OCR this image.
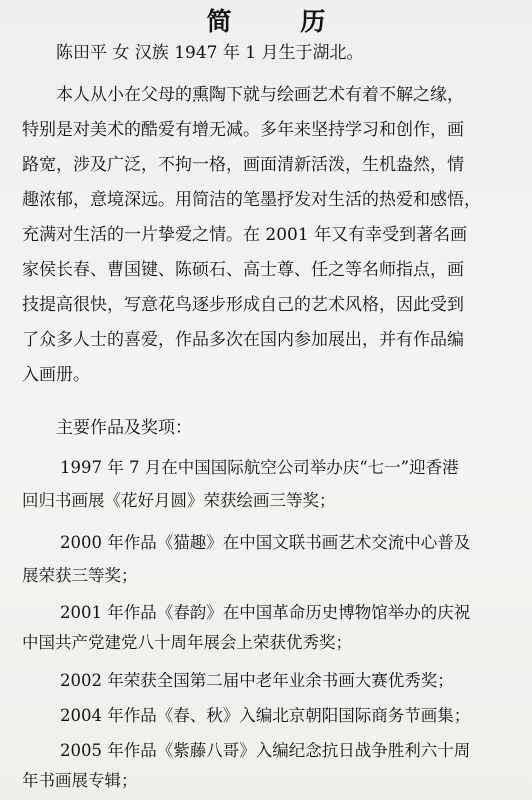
简 历
陈田平 女 汉族 1947 年 1 月生于湖北。
本人从小在父母的熏陶下就与绘画艺术有着不解之缘，
特别是对美术的酷爱有增无减。多年来坚持学习和创作，画
路宽，涉及广泛，不拘一格，画面清新活泼，生机盎然，情
趣浓郁，意境深远。用简洁的笔墨抒发对生活的热爱和感悟，
充满对生活的一片挚爱之情。在 2001 年又有幸受到著名画
家侯长春、曹国键、陈硕石、高士尊、任之等名师指点，画
技提高很快，写意花鸟逐步形成自己的艺术风格，因此受到
了众多人士的喜爱，作品多次在国内参加展出，并有作品编
入画册。
主要作品及奖项：
1997 年 7 月在中国国际航空公司举办庆“七一”迎香港
回归书画展《花好月圆》荣获绘画三等奖；
2000 年作品《猫趣》在中国文联书画艺术交流中心普及
展荣获三等奖；
2001 年作品《春韵》在中国革命历史博物馆举办的庆祝
中国共产党建党八十周年展会上荣获优秀奖；
2002 年荣获全国第二届中老年业余书画大赛优秀奖；
2004 年作品《春、秋》入编北京朝阳国际商务节画集；
2005 年作品《紫藤八哥》入编纪念抗日战争胜利六十周
年书画展专辑；
